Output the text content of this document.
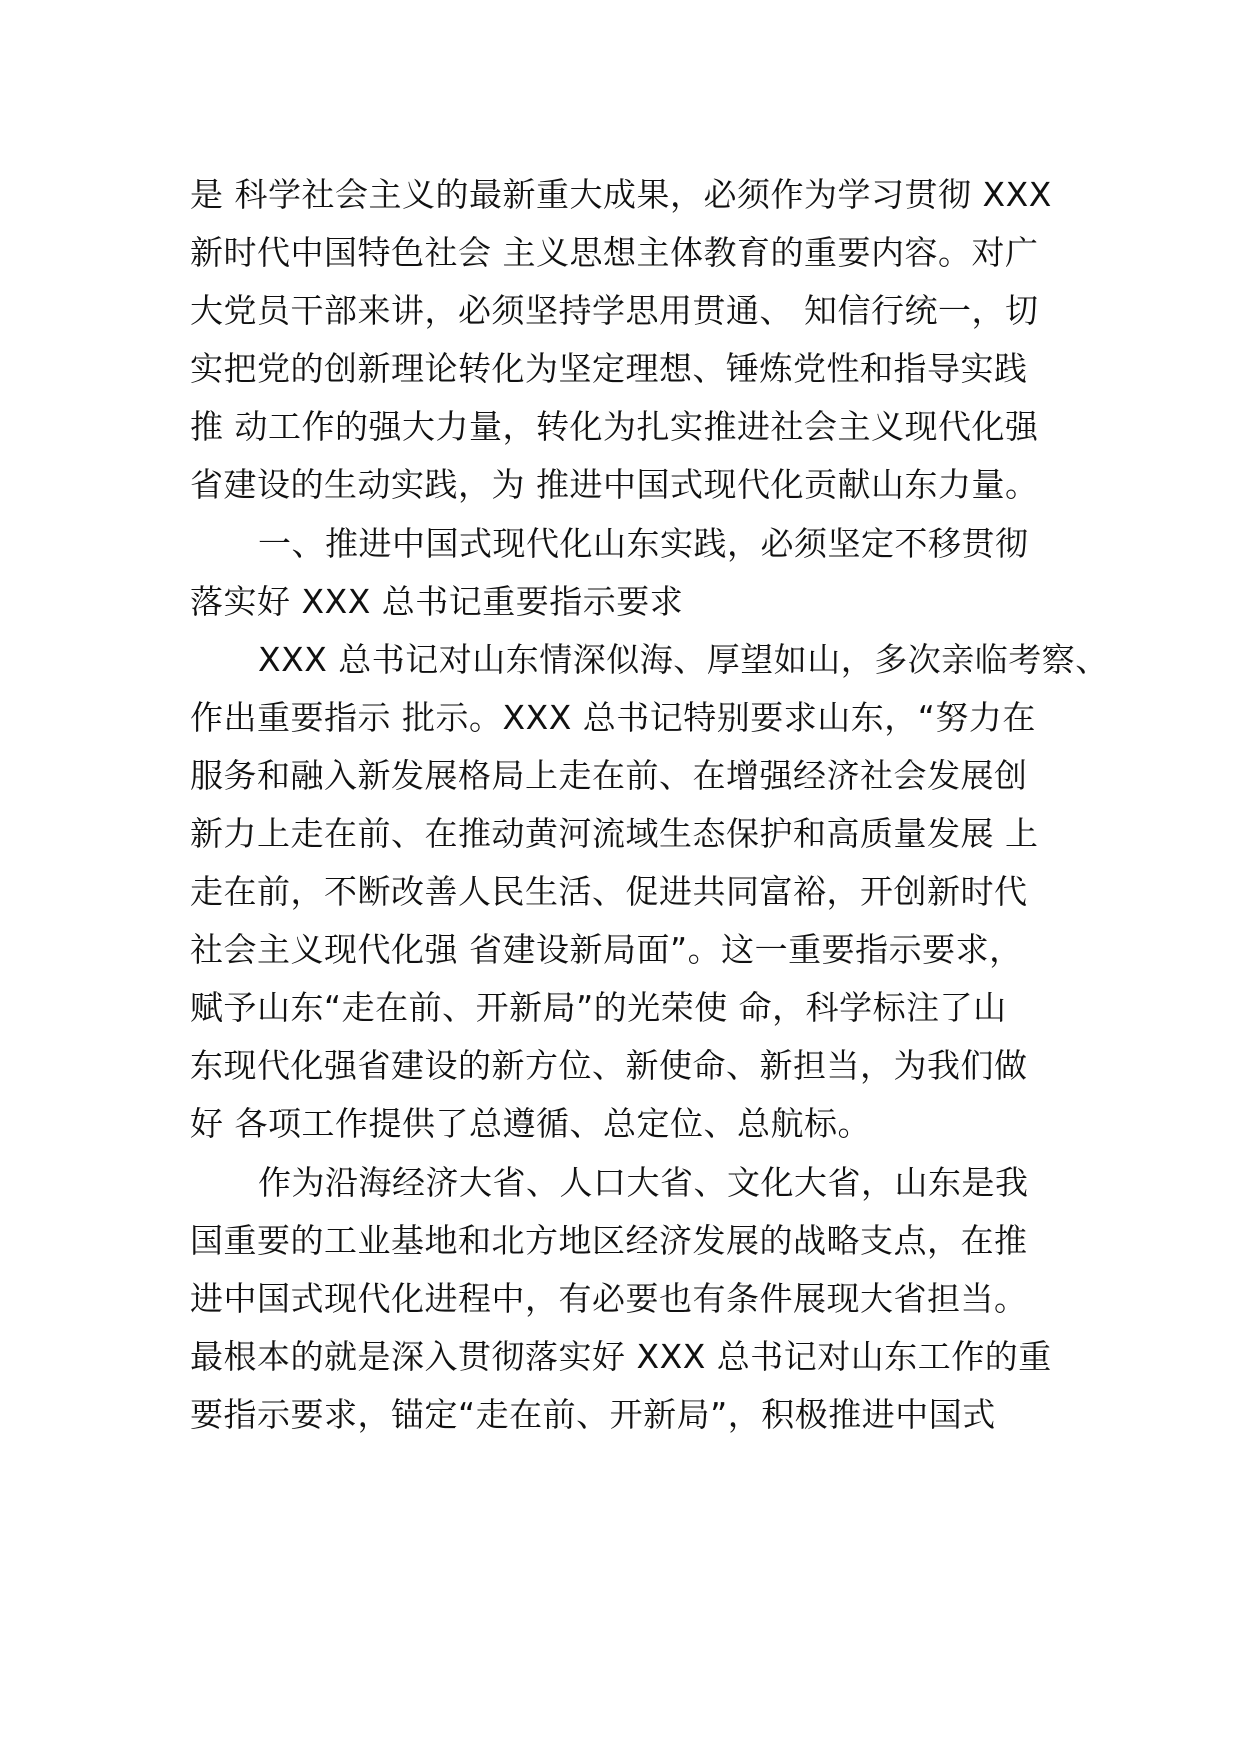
是 科学社会主义的最新重大成果，必须作为学习贯彻 XXX
新时代中国特色社会 主义思想主体教育的重要内容。对广
大党员干部来讲，必须坚持学思用贯通、 知信行统一，切
实把党的创新理论转化为坚定理想、锤炼党性和指导实践
推 动工作的强大力量，转化为扎实推进社会主义现代化强
省建设的生动实践，为 推进中国式现代化贡献山东力量。
一、推进中国式现代化山东实践，必须坚定不移贯彻
落实好 XXX 总书记重要指示要求
XXX 总书记对山东情深似海、厚望如山，多次亲临考察、
作出重要指示 批示。XXX 总书记特别要求山东，“努力在
服务和融入新发展格局上走在前、在增强经济社会发展创
新力上走在前、在推动黄河流域生态保护和高质量发展 上
走在前，不断改善人民生活、促进共同富裕，开创新时代
社会主义现代化强 省建设新局面”。这一重要指示要求，
赋予山东“走在前、开新局”的光荣使 命，科学标注了山
东现代化强省建设的新方位、新使命、新担当，为我们做
好 各项工作提供了总遵循、总定位、总航标。
作为沿海经济大省、人口大省、文化大省，山东是我
国重要的工业基地和北方地区经济发展的战略支点，在推
进中国式现代化进程中，有必要也有条件展现大省担当。
最根本的就是深入贯彻落实好 XXX 总书记对山东工作的重
要指示要求，锚定“走在前、开新局”，积极推进中国式
